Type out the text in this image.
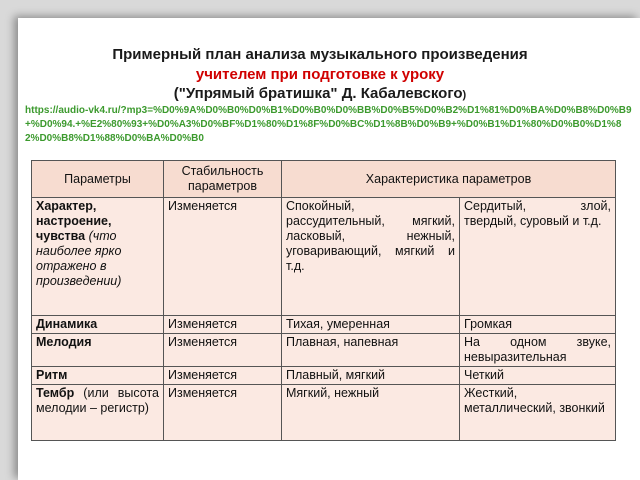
Примерный план анализа музыкального произведения
учителем при подготовке к уроку
("Упрямый братишка" Д. Кабалевского)
https://audio-vk4.ru/?mp3=%D0%9A%D0%B0%D0%B1%D0%B0%D0%BB%D0%B5%D0%B2%D1%81%D0%BA%D0%B8%D0%B9+%D0%94.+%E2%80%93+%D0%A3%D0%BF%D1%80%D1%8F%D0%BC%D1%8B%D0%B9+%D0%B1%D1%80%D0%B0%D1%82%D0%B8%D1%88%D0%BA%D0%B0
Параметры	Стабильность параметров	Характеристика параметров	
Характер, настроение, чувства (что наиболее ярко отражено в произведении)	Изменяется	Спокойный, рассудительный, мягкий, ласковый, нежный, уговаривающий, мягкий и т.д.	Сердитый, злой, твердый, суровый и т.д.
Динамика	Изменяется	Тихая, умеренная	Громкая
Мелодия	Изменяется	Плавная, напевная	На одном звуке, невыразительная
Ритм	Изменяется	Плавный, мягкий	Четкий
Тембр (или высота мелодии – регистр)	Изменяется	Мягкий, нежный	Жесткий, металлический, звонкий
